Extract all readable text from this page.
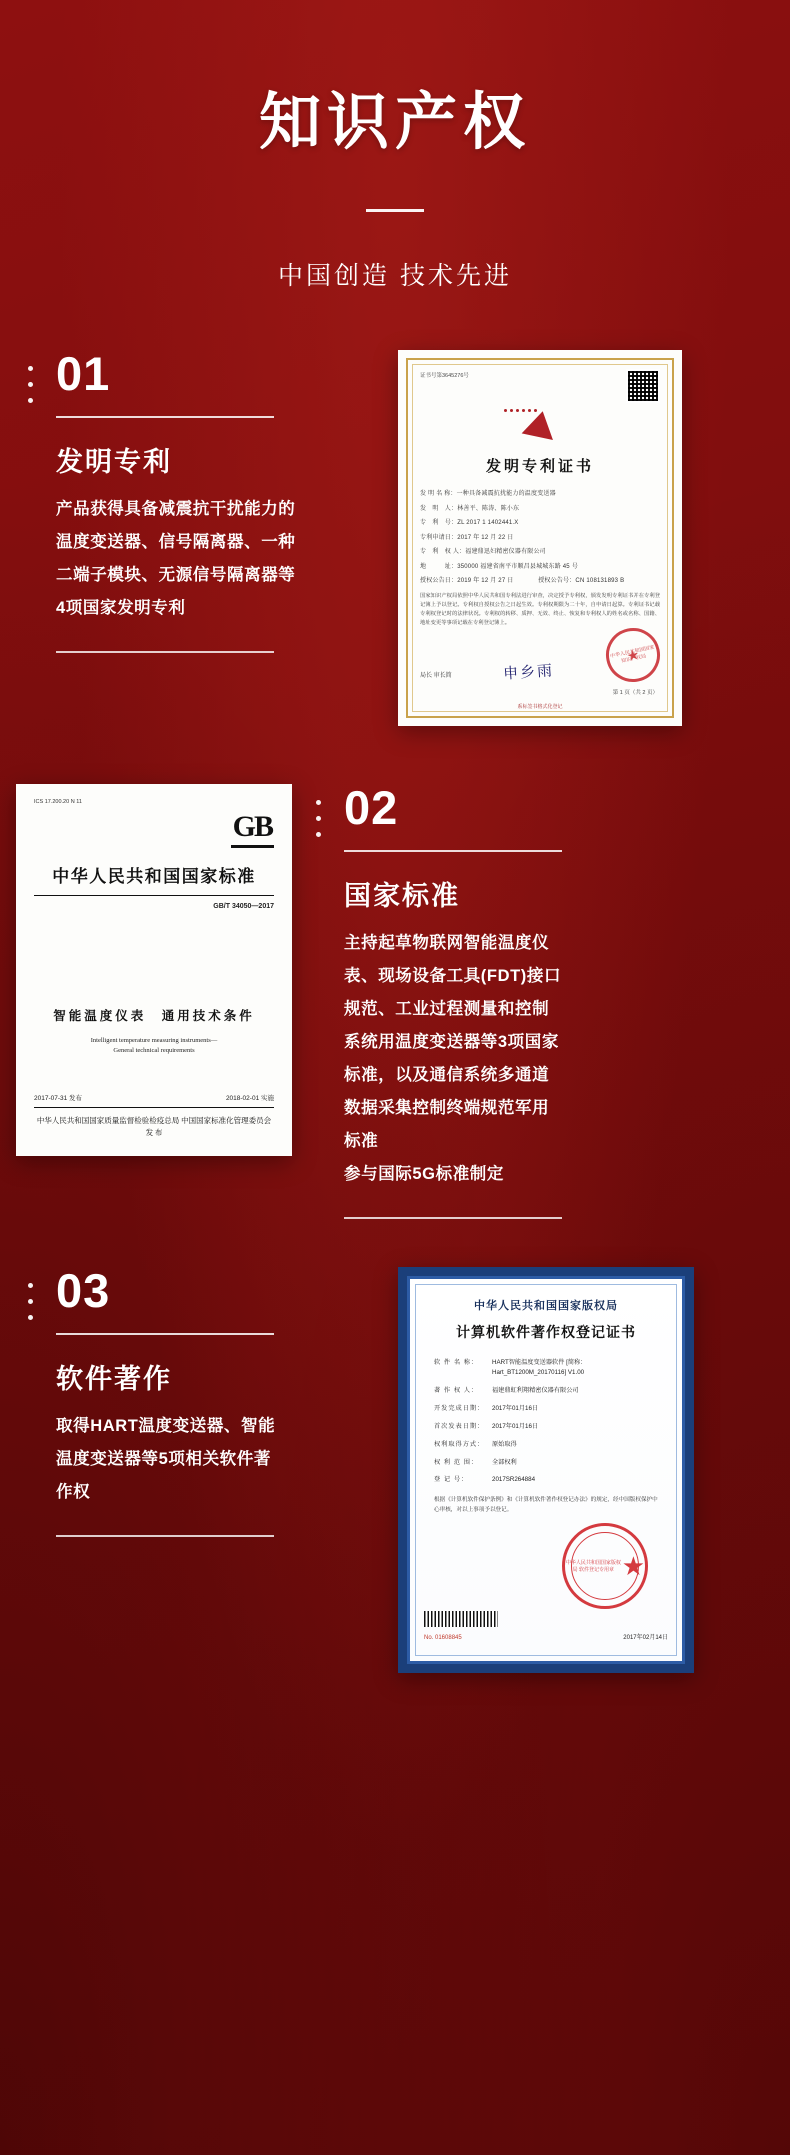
知识产权
中国创造 技术先进
01
发明专利
产品获得具备减震抗干扰能力的
温度变送器、信号隔离器、一种
二端子模块、无源信号隔离器等
4项国家发明专利
证书号第3645276号
发明专利证书
发 明 名 称：一种具备减震抗扰能力的温度变送器
发　明　人：林善平、陈涛、陈小东
专　利　号：ZL 2017 1 1402441.X
专利申请日：2017 年 12 月 22 日
专　利　权 人：福建鼎迅妇精密仪器有限公司
地　　　址：350000 福建省南平市顺昌县城城东路 45 号
授权公告日：2019 年 12 月 27 日　　　　授权公告号：CN 108131893 B
国家知识产权局依照中华人民共和国专利法进行审查，决定授予专利权，颁发发明专利证书并在专利登记簿上予以登记。专利权自授权公告之日起生效。专利权期限为二十年，自申请日起算。专利证书记载专利权登记时的法律状况。专利权的转移、质押、无效、终止、恢复和专利权人的姓名或名称、国籍、地址变更等事项记载在专利登记簿上。
局长 审长简	申乡雨
中华人民共和国国家知识产权局 ★
第 1 页（共 2 页）
系标签书格式化登记
ICS 17.200.20 N 11
GB
中华人民共和国国家标准
GB/T 34050—2017
智能温度仪表　通用技术条件
Intelligent temperature measuring instruments—
General technical requirements
2017-07-31 发布	2018-02-01 实施
中华人民共和国国家质量监督检验检疫总局 中国国家标准化管理委员会　发 布
02
国家标准
主持起草物联网智能温度仪
表、现场设备工具(FDT)接口
规范、工业过程测量和控制
系统用温度变送器等3项国家
标准，以及通信系统多通道
数据采集控制终端规范军用
标准
参与国际5G标准制定
03
软件著作
取得HART温度变送器、智能
温度变送器等5项相关软件著
作权
中华人民共和国国家版权局
计算机软件著作权登记证书
软 件 名 称：	HART智能温度变送器软件 [简称：Hart_BT1200M_20170116] V1.00
著 作 权 人：	福建鼎虹利翔精密仪器有限公司
开发完成日期：	2017年01月16日
首次发表日期：	2017年01月16日
权利取得方式：	原始取得
权 利 范 围：	全部权利
登 记 号：	2017SR264884
根据《计算机软件保护条例》和《计算机软件著作权登记办法》的规定，经中国版权保护中心审核，对以上事项予以登记。
中华人民共和国国家版权局 软件登记专用章 ★
No. 01608845	2017年02月14日
